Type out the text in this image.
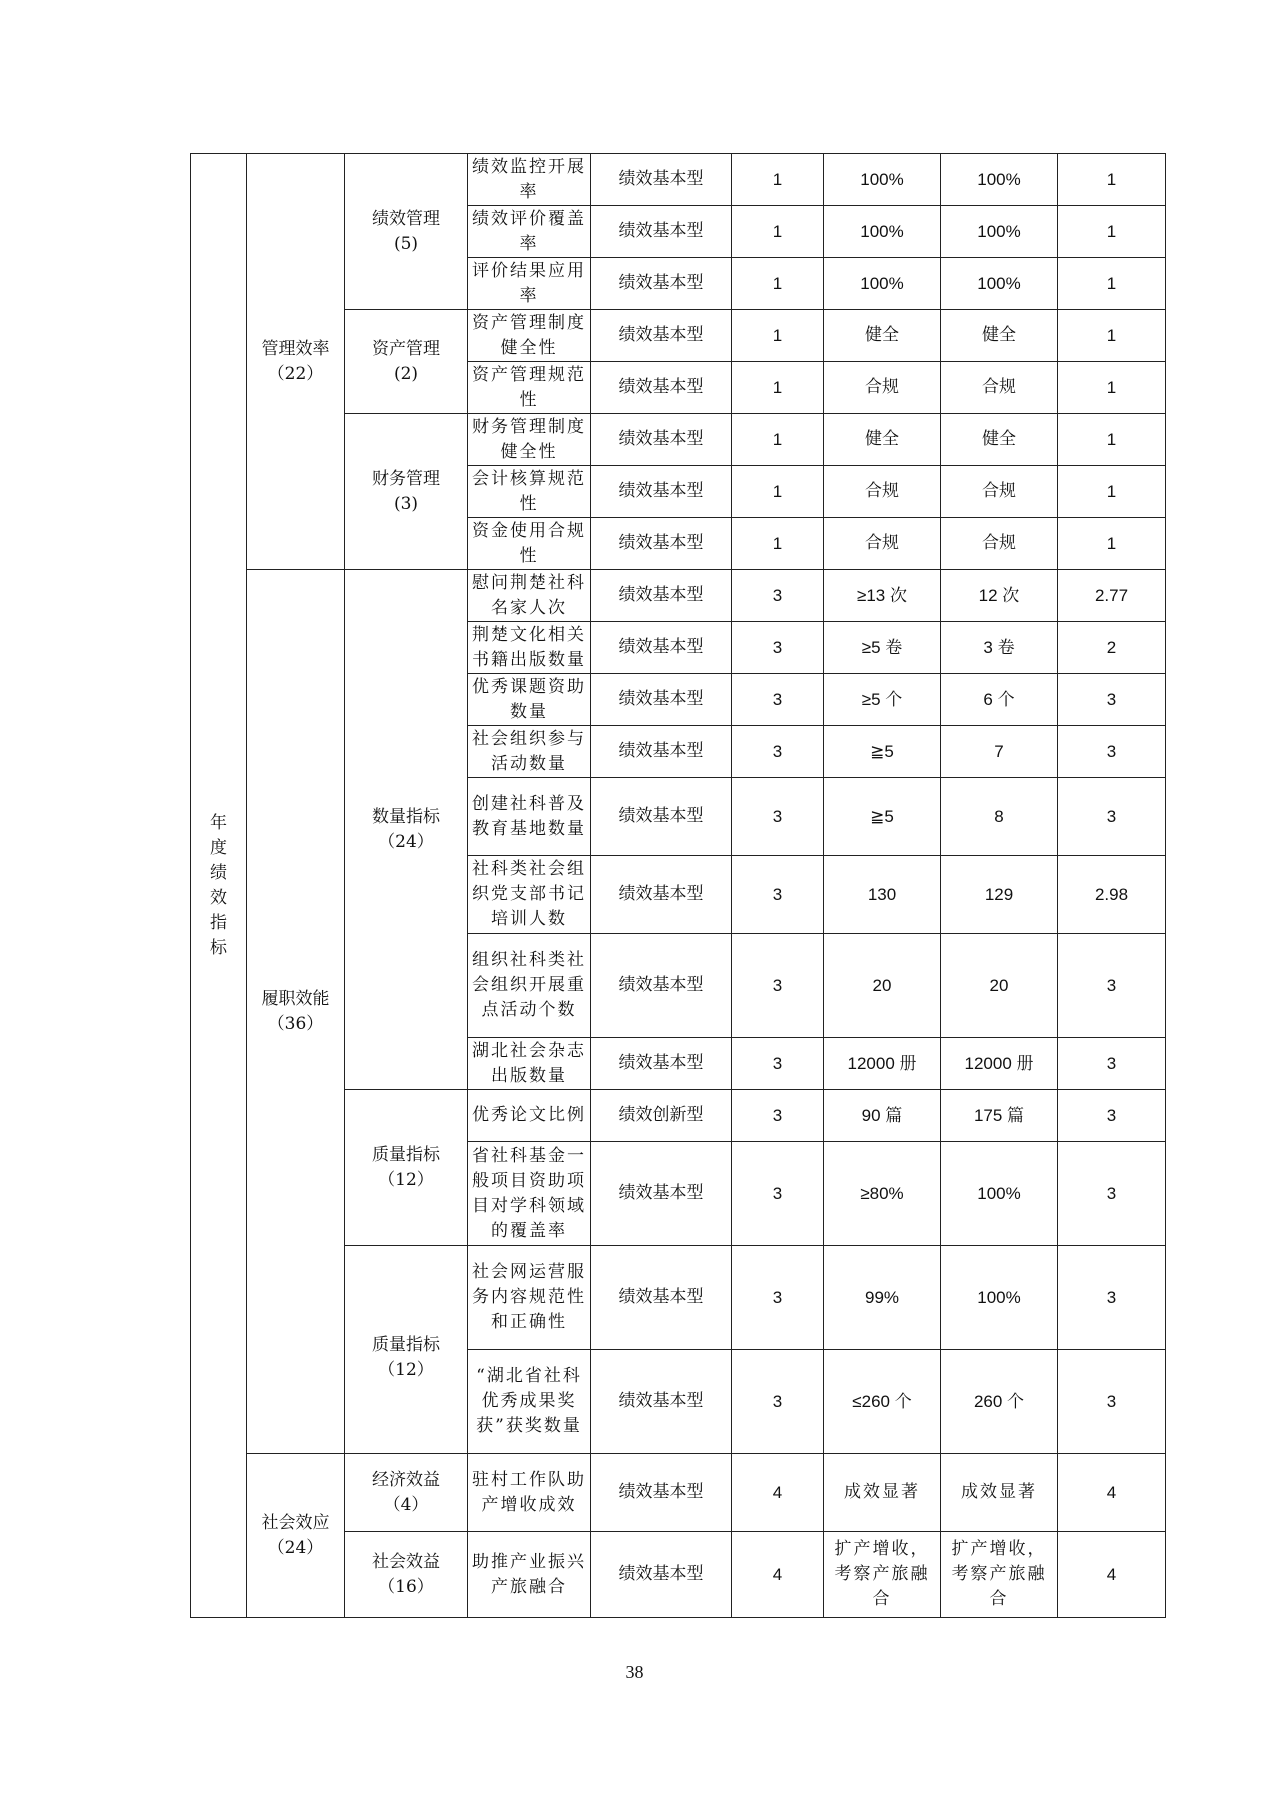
年度绩效指标	管理效率（22）	绩效管理(5)	绩效监控开展率	绩效基本型	1	100%	100%	1
			绩效评价覆盖率	绩效基本型	1	100%	100%	1
			评价结果应用率	绩效基本型	1	100%	100%	1

		资产管理(2)	资产管理制度健全性	绩效基本型	1	健全	健全	1
			资产管理规范性	绩效基本型	1	合规	合规	1

		财务管理(3)	财务管理制度健全性	绩效基本型	1	健全	健全	1
			会计核算规范性	绩效基本型	1	合规	合规	1
			资金使用合规性	绩效基本型	1	合规	合规	1

	履职效能（36）	数量指标（24）	慰问荆楚社科名家人次	绩效基本型	3	≥13 次	12 次	2.77
			荆楚文化相关书籍出版数量	绩效基本型	3	≥5 卷	3 卷	2
			优秀课题资助数量	绩效基本型	3	≥5 个	6 个	3
			社会组织参与活动数量	绩效基本型	3	≧5	7	3
			创建社科普及教育基地数量	绩效基本型	3	≧5	8	3
			社科类社会组织党支部书记培训人数	绩效基本型	3	130	129	2.98
			组织社科类社会组织开展重点活动个数	绩效基本型	3	20	20	3
			湖北社会杂志出版数量	绩效基本型	3	12000 册	12000 册	3

		质量指标（12）	优秀论文比例	绩效创新型	3	90 篇	175 篇	3
			省社科基金一般项目资助项目对学科领域的覆盖率	绩效基本型	3	≥80%	100%	3

		质量指标（12）	社会网运营服务内容规范性和正确性	绩效基本型	3	99%	100%	3
			“湖北省社科优秀成果奖获”获奖数量	绩效基本型	3	≤260 个	260 个	3

	社会效应（24）	经济效益（4）	驻村工作队助产增收成效	绩效基本型	4	成效显著	成效显著	4

		社会效益（16）	助推产业振兴产旅融合	绩效基本型	4	扩产增收，考察产旅融合	扩产增收，考察产旅融合	4
38
